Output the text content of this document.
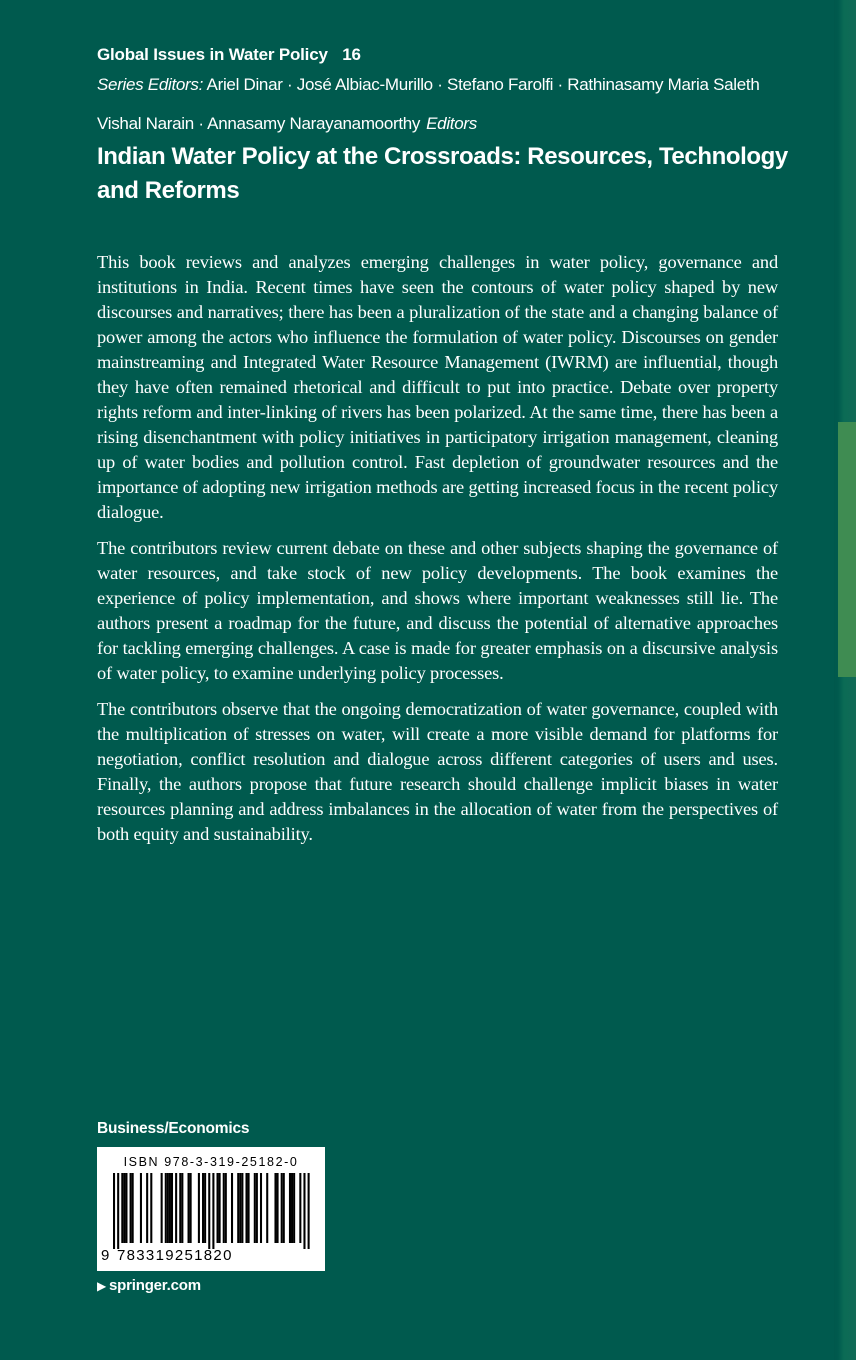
Global Issues in Water Policy 16
Series Editors: Ariel Dinar · José Albiac-Murillo · Stefano Farolfi · Rathinasamy Maria Saleth
Vishal Narain · Annasamy Narayanamoorthy Editors
Indian Water Policy at the Crossroads: Resources, Technology and Reforms

This book reviews and analyzes emerging challenges in water policy, governance and institutions in India. Recent times have seen the contours of water policy shaped by new discourses and narratives; there has been a pluralization of the state and a changing balance of power among the actors who influence the formulation of water policy. Discourses on gender mainstreaming and Integrated Water Resource Management (IWRM) are influential, though they have often remained rhetorical and difficult to put into practice. Debate over property rights reform and inter-linking of rivers has been polarized. At the same time, there has been a rising disenchantment with policy initiatives in participatory irrigation management, cleaning up of water bodies and pollution control. Fast depletion of groundwater resources and the importance of adopting new irrigation methods are getting increased focus in the recent policy dialogue.

The contributors review current debate on these and other subjects shaping the governance of water resources, and take stock of new policy developments. The book examines the experience of policy implementation, and shows where important weaknesses still lie. The authors present a roadmap for the future, and discuss the potential of alternative approaches for tackling emerging challenges. A case is made for greater emphasis on a discursive analysis of water policy, to examine underlying policy processes.

The contributors observe that the ongoing democratization of water governance, coupled with the multiplication of stresses on water, will create a more visible demand for platforms for negotiation, conflict resolution and dialogue across different categories of users and uses. Finally, the authors propose that future research should challenge implicit biases in water resources planning and address imbalances in the allocation of water from the perspectives of both equity and sustainability.

Business/Economics
ISBN 978-3-319-25182-0
9 783319251820
▶ springer.com
